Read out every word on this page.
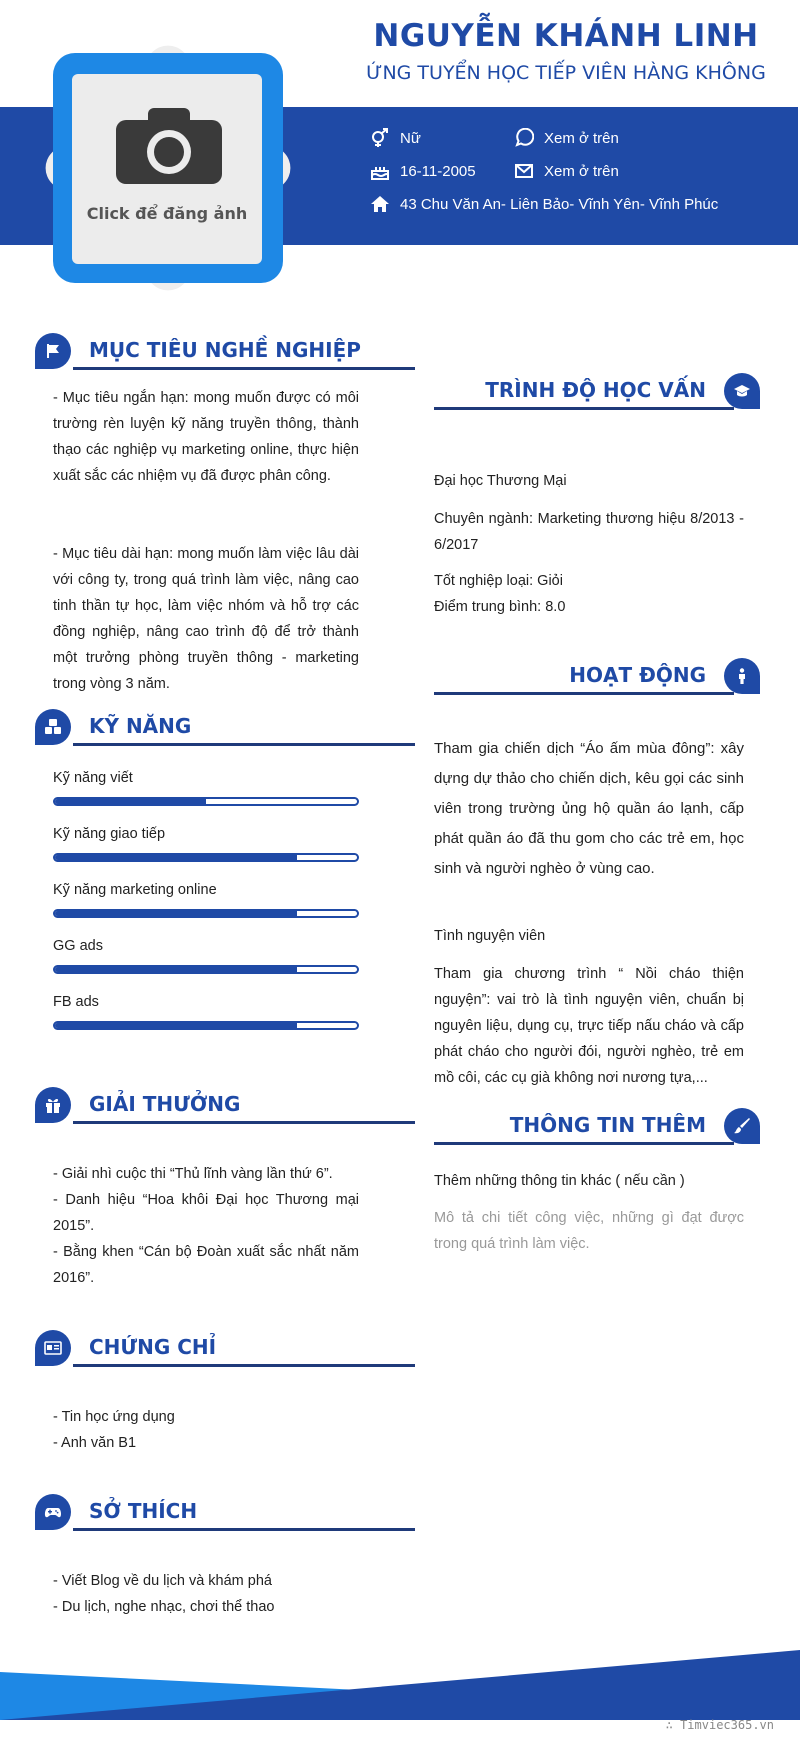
NGUYỄN KHÁNH LINH
ỨNG TUYỂN HỌC TIẾP VIÊN HÀNG KHÔNG
Click để đăng ảnh
Nữ
16-11-2005
43 Chu Văn An- Liên Bảo- Vĩnh Yên- Vĩnh Phúc
Xem ở trên
Xem ở trên
MỤC TIÊU NGHỀ NGHIỆP
- Mục tiêu ngắn hạn: mong muốn được có môi trường rèn luyện kỹ năng truyền thông, thành thạo các nghiệp vụ marketing online, thực hiện xuất sắc các nhiệm vụ đã được phân công.
- Mục tiêu dài hạn: mong muốn làm việc lâu dài với công ty, trong quá trình làm việc, nâng cao tinh thần tự học, làm việc nhóm và hỗ trợ các đồng nghiệp, nâng cao trình độ để trở thành một trưởng phòng truyền thông - marketing trong vòng 3 năm.
KỸ NĂNG
Kỹ năng viết
Kỹ năng giao tiếp
Kỹ năng marketing online
GG ads
FB ads
GIẢI THƯỞNG
- Giải nhì cuộc thi “Thủ lĩnh vàng lần thứ 6”.
- Danh hiệu “Hoa khôi Đại học Thương mại 2015”.
- Bằng khen “Cán bộ Đoàn xuất sắc nhất năm 2016”.
CHỨNG CHỈ
- Tin học ứng dụng
- Anh văn B1
SỞ THÍCH
- Viết Blog về du lịch và khám phá
- Du lịch, nghe nhạc, chơi thể thao
TRÌNH ĐỘ HỌC VẤN
Đại học Thương Mại
Chuyên ngành: Marketing thương hiệu 8/2013 - 6/2017
Tốt nghiệp loại: Giỏi
Điểm trung bình: 8.0
HOẠT ĐỘNG
Tham gia chiến dịch “Áo ấm mùa đông”: xây dựng dự thảo cho chiến dịch, kêu gọi các sinh viên trong trường ủng hộ quần áo lạnh, cấp phát quần áo đã thu gom cho các trẻ em, học sinh và người nghèo ở vùng cao.
Tình nguyện viên
Tham gia chương trình “ Nồi cháo thiện nguyện”: vai trò là tình nguyện viên, chuẩn bị nguyên liệu, dụng cụ, trực tiếp nấu cháo và cấp phát cháo cho người đói, người nghèo, trẻ em mồ côi, các cụ già không nơi nương tựa,...
THÔNG TIN THÊM
Thêm những thông tin khác ( nếu cần )
Mô tả chi tiết công việc, những gì đạt được trong quá trình làm việc.
∴ Timviec365.vn
